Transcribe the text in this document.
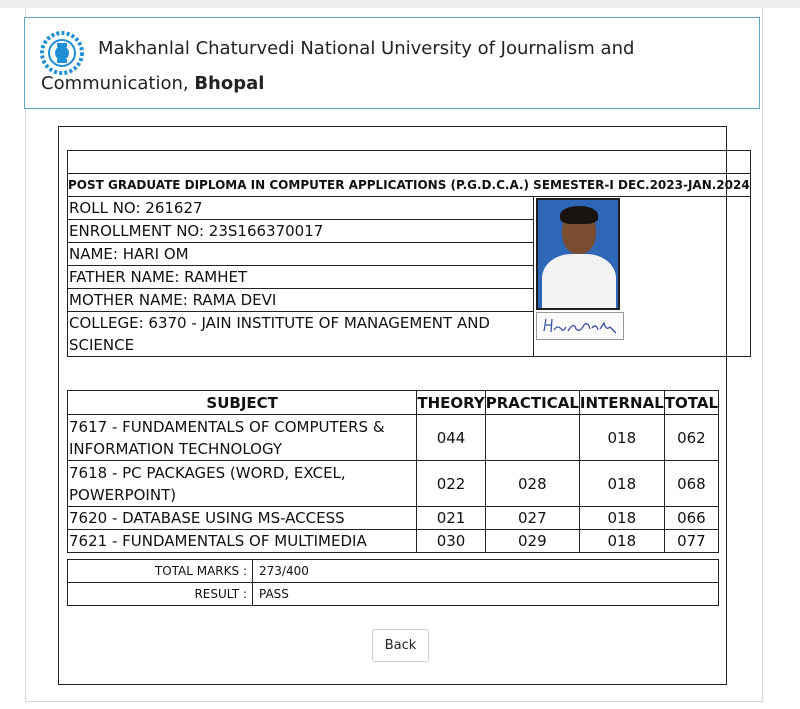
Makhanlal Chaturvedi National University of Journalism and
Communication, Bhopal

POST GRADUATE DIPLOMA IN COMPUTER APPLICATIONS (P.G.D.C.A.) SEMESTER-I DEC.2023-JAN.2024
ROLL NO: 261627	

ENROLLMENT NO: 23S166370017
NAME: HARI OM
FATHER NAME: RAMHET
MOTHER NAME: RAMA DEVI
COLLEGE: 6370 - JAIN INSTITUTE OF MANAGEMENT AND SCIENCE
SUBJECT	THEORY	PRACTICAL	INTERNAL	TOTAL
7617 - FUNDAMENTALS OF COMPUTERS & INFORMATION TECHNOLOGY	044		018	062
7618 - PC PACKAGES (WORD, EXCEL, POWERPOINT)	022	028	018	068
7620 - DATABASE USING MS-ACCESS	021	027	018	066
7621 - FUNDAMENTALS OF MULTIMEDIA	030	029	018	077
TOTAL MARKS :	273/400
RESULT :	PASS
Back
